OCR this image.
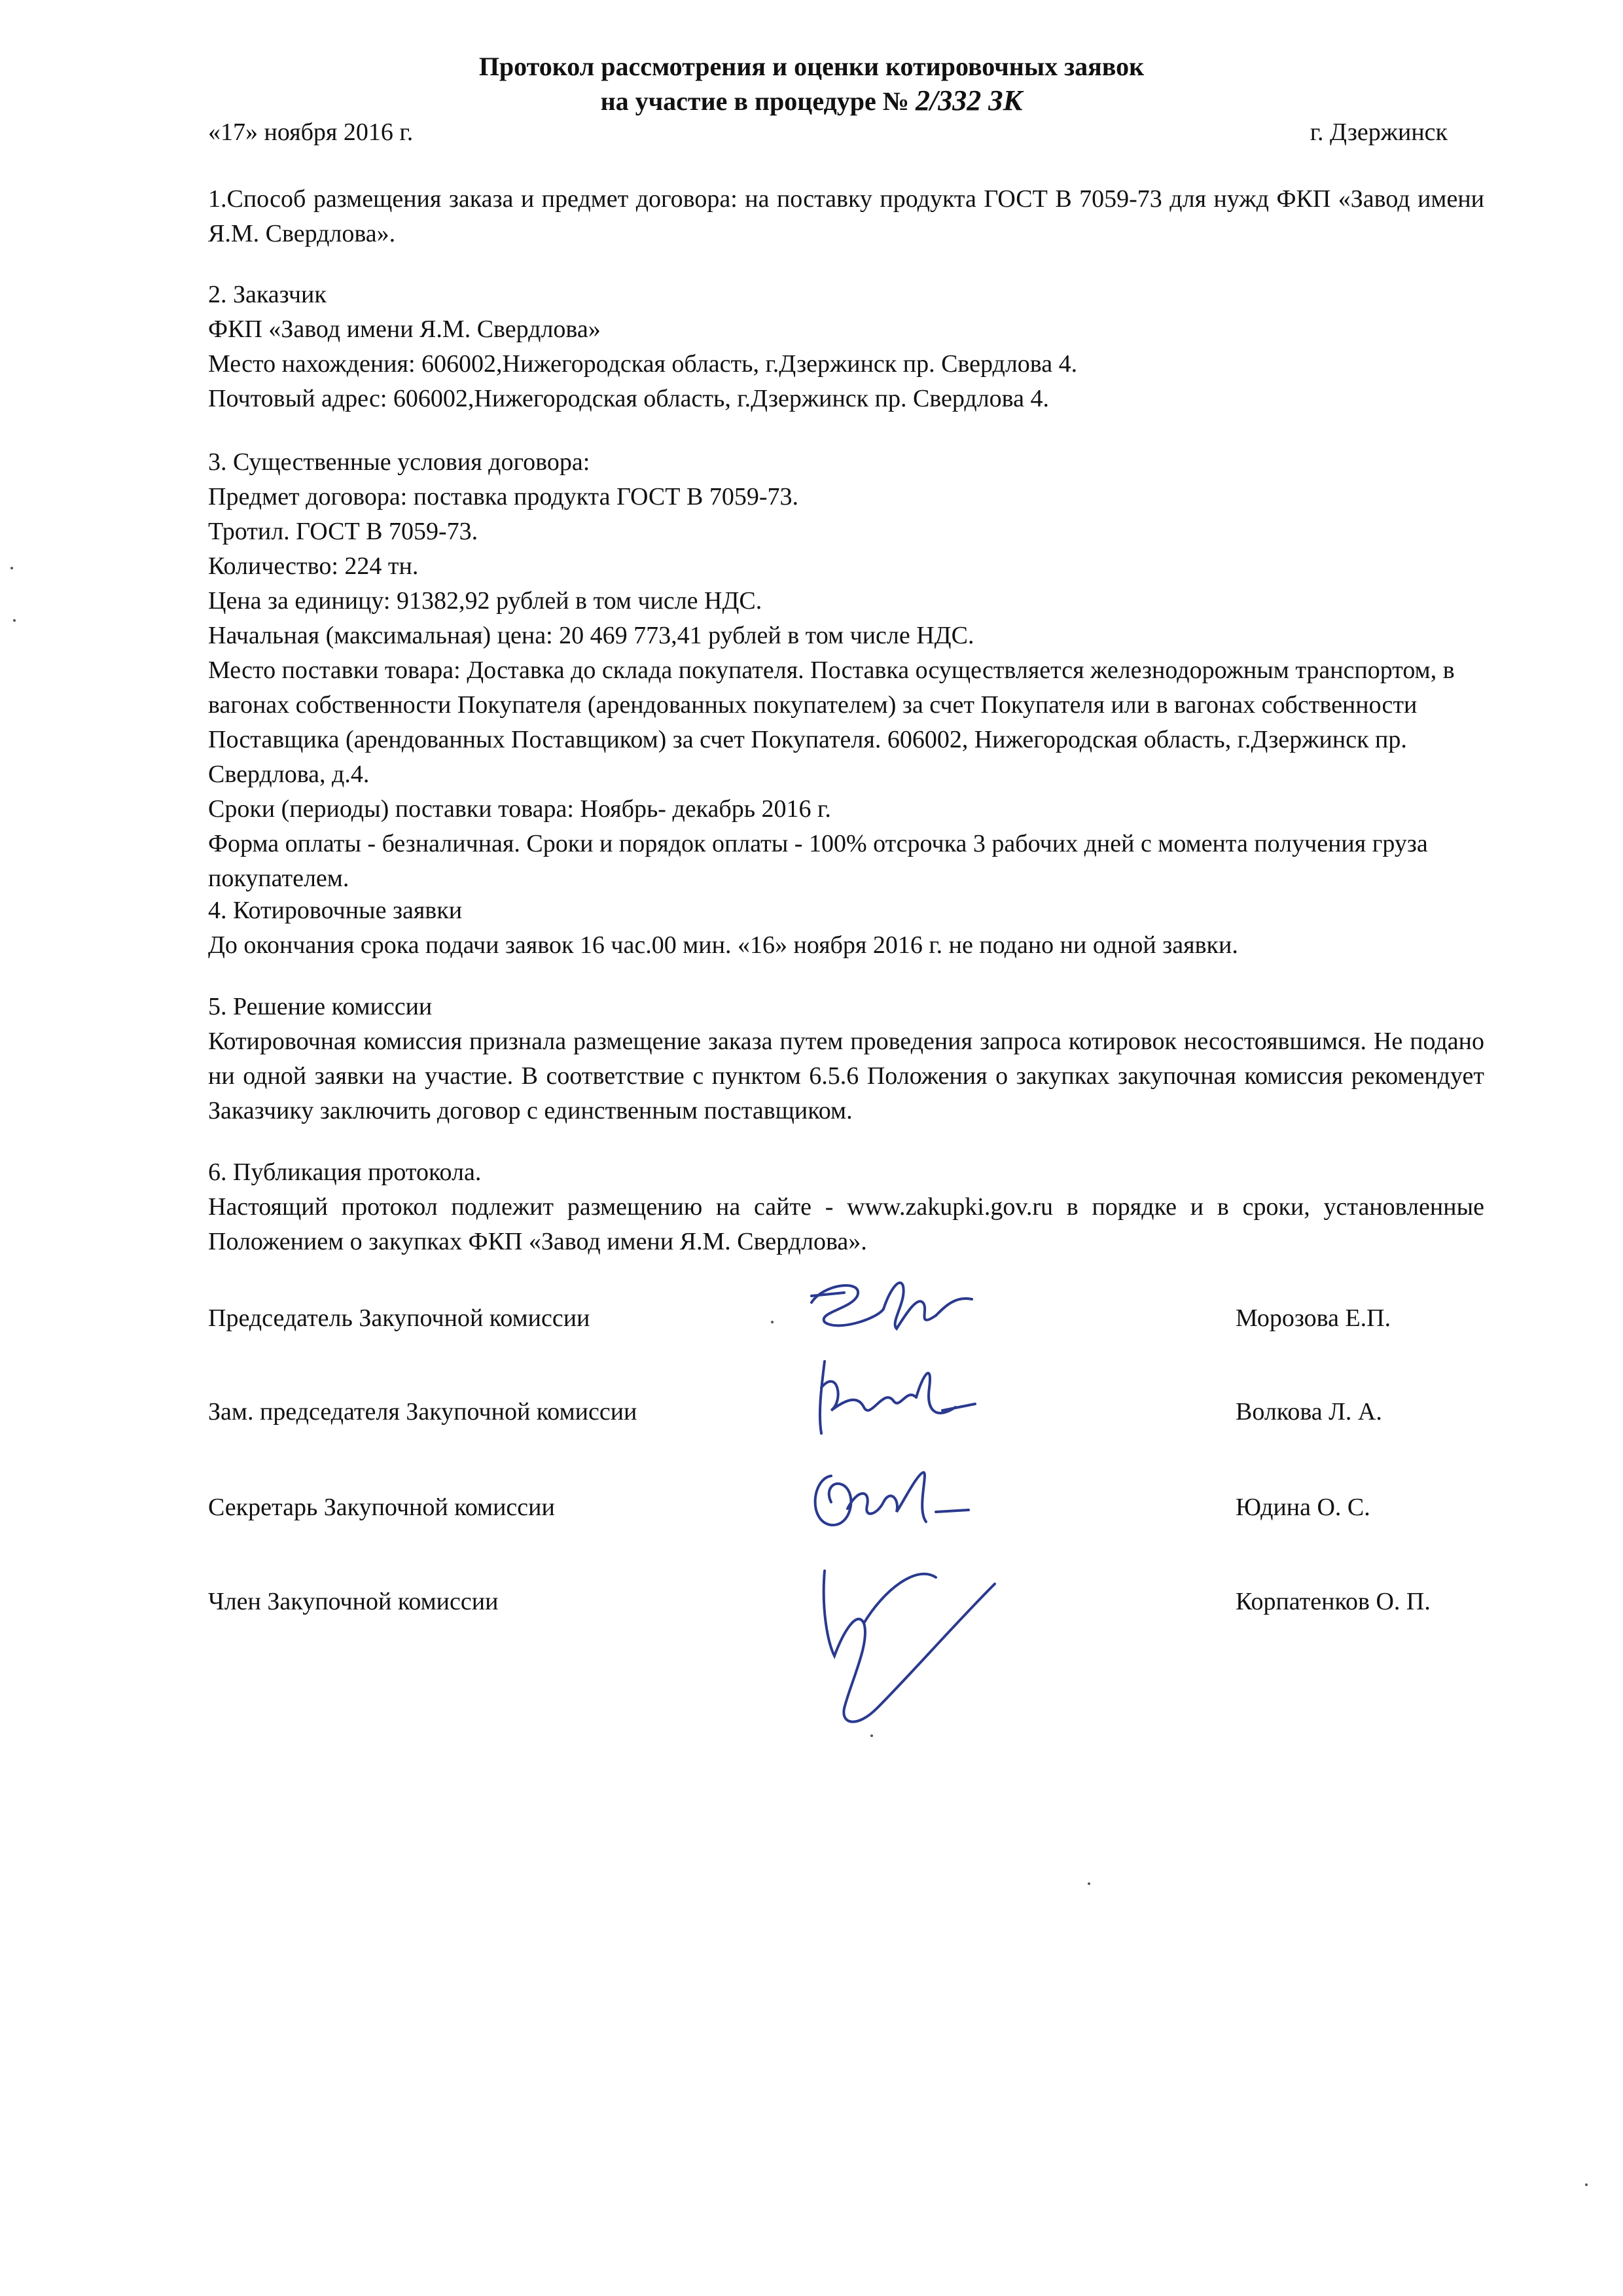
Протокол рассмотрения и оценки котировочных заявок
на участие в процедуре № 2/332 ЗК
«17» ноября 2016 г.	г. Дзержинск

1.Способ размещения заказа и предмет договора: на поставку продукта ГОСТ В 7059-73 для нужд ФКП «Завод имени Я.М. Свердлова».

2. Заказчик

ФКП «Завод имени Я.М. Свердлова»

Место нахождения: 606002,Нижегородская область, г.Дзержинск пр. Свердлова 4.

Почтовый адрес: 606002,Нижегородская область, г.Дзержинск пр. Свердлова 4.

3. Существенные условия договора:

Предмет договора: поставка продукта ГОСТ В 7059-73.

Тротил. ГОСТ В 7059-73.

Количество: 224 тн.

Цена за единицу: 91382,92 рублей в том числе НДС.

Начальная (максимальная) цена: 20 469 773,41 рублей в том числе НДС.

Место поставки товара: Доставка до склада покупателя. Поставка осуществляется железнодорожным транспортом, в вагонах собственности Покупателя (арендованных покупателем) за счет Покупателя или в вагонах собственности Поставщика (арендованных Поставщиком) за счет Покупателя. 606002, Нижегородская область, г.Дзержинск пр. Свердлова, д.4.

Сроки (периоды) поставки товара: Ноябрь- декабрь 2016 г.

Форма оплаты - безналичная. Сроки и порядок оплаты - 100% отсрочка 3 рабочих дней с момента получения груза покупателем.

4. Котировочные заявки

До окончания срока подачи заявок 16 час.00 мин. «16» ноября 2016 г. не подано ни одной заявки.

5. Решение комиссии

Котировочная комиссия признала размещение заказа путем проведения запроса котировок несостоявшимся. Не подано ни одной заявки на участие. В соответствие с пунктом 6.5.6 Положения о закупках закупочная комиссия рекомендует Заказчику заключить договор с единственным поставщиком.

6. Публикация протокола.

Настоящий протокол подлежит размещению на сайте - www.zakupki.gov.ru в порядке и в сроки, установленные Положением о закупках ФКП «Завод имени Я.М. Свердлова».

Председатель Закупочной комиссии	Морозова Е.П.
Зам. председателя Закупочной комиссии	Волкова Л. А.
Секретарь Закупочной комиссии	Юдина О. С.
Член Закупочной комиссии	Корпатенков О. П.
